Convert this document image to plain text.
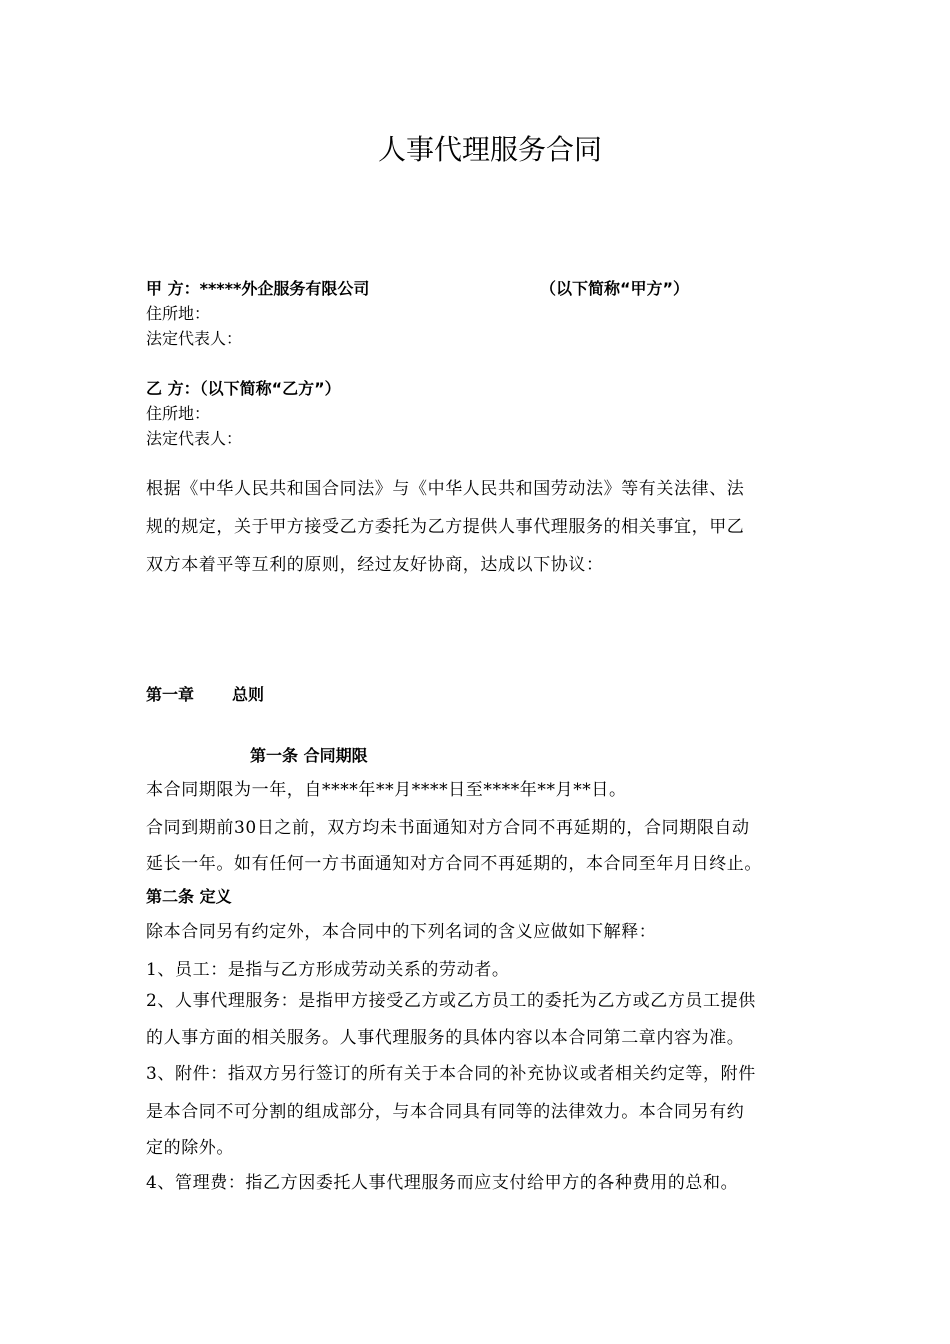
人事代理服务合同
甲 方：*****外企服务有限公司	（以下简称“甲方”）
住所地：
法定代表人：
乙 方：（以下简称“乙方”）
住所地：
法定代表人：
根据《中华人民共和国合同法》与《中华人民共和国劳动法》等有关法律、法
规的规定，关于甲方接受乙方委托为乙方提供人事代理服务的相关事宜，甲乙
双方本着平等互利的原则，经过友好协商，达成以下协议：
第一章 总则
第一条 合同期限
本合同期限为一年，自****年**月****日至****年**月**日。
合同到期前30日之前，双方均未书面通知对方合同不再延期的，合同期限自动
延长一年。如有任何一方书面通知对方合同不再延期的，本合同至年月日终止。
第二条 定义
除本合同另有约定外，本合同中的下列名词的含义应做如下解释：
1、员工：是指与乙方形成劳动关系的劳动者。
2、人事代理服务：是指甲方接受乙方或乙方员工的委托为乙方或乙方员工提供
的人事方面的相关服务。人事代理服务的具体内容以本合同第二章内容为准。
3、附件：指双方另行签订的所有关于本合同的补充协议或者相关约定等，附件
是本合同不可分割的组成部分，与本合同具有同等的法律效力。本合同另有约
定的除外。
4、管理费：指乙方因委托人事代理服务而应支付给甲方的各种费用的总和。
